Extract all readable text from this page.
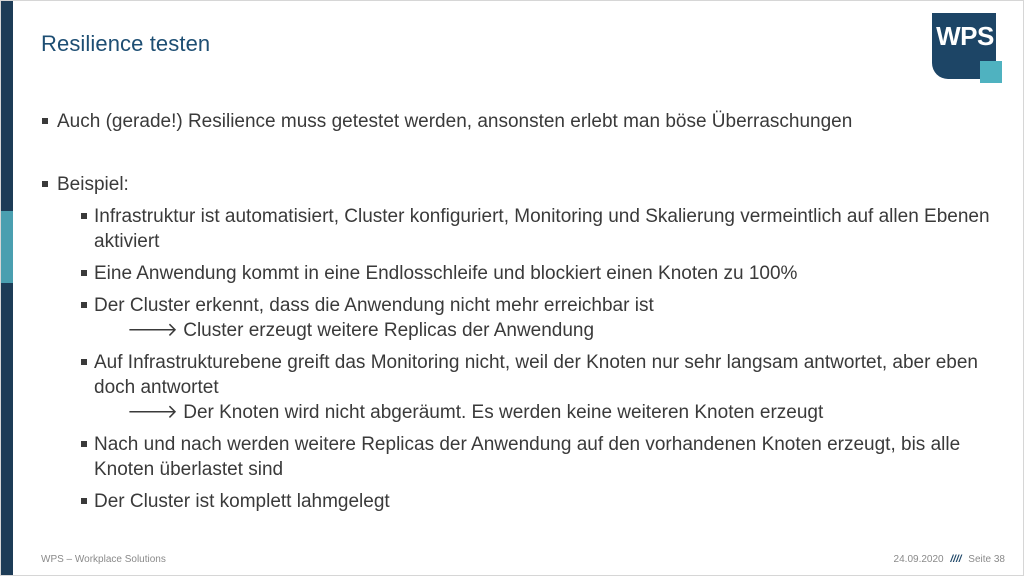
Resilience testen	WPS
Auch (gerade!) Resilience muss getestet werden, ansonsten erlebt man böse Überraschungen
Beispiel:
Infrastruktur ist automatisiert, Cluster konfiguriert, Monitoring und Skalierung vermeintlich auf allen Ebenen aktiviert
Eine Anwendung kommt in eine Endlosschleife und blockiert einen Knoten zu 100%
Der Cluster erkennt, dass die Anwendung nicht mehr erreichbar ist
🡒 Cluster erzeugt weitere Replicas der Anwendung
Auf Infrastrukturebene greift das Monitoring nicht, weil der Knoten nur sehr langsam antwortet, aber eben doch antwortet
🡒 Der Knoten wird nicht abgeräumt. Es werden keine weiteren Knoten erzeugt
Nach und nach werden weitere Replicas der Anwendung auf den vorhandenen Knoten erzeugt, bis alle Knoten überlastet sind
Der Cluster ist komplett lahmgelegt
WPS – Workplace Solutions	24.09.2020 //// Seite 38
